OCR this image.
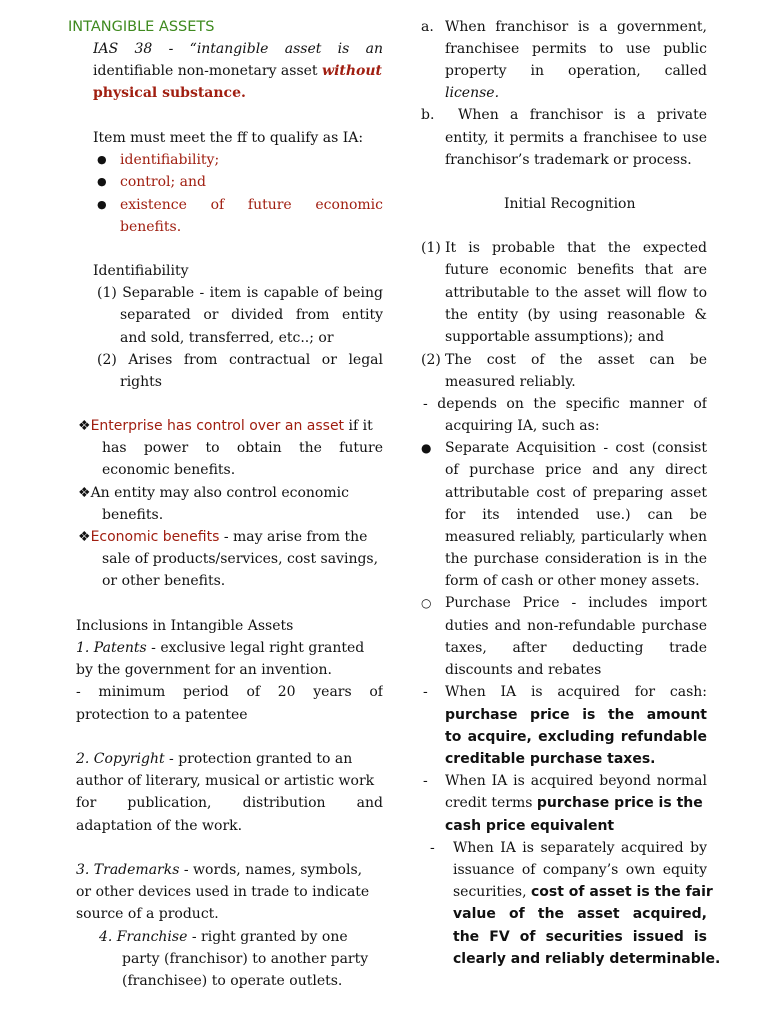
INTANGIBLE ASSETS
IAS 38 - “intangible asset is an
identifiable non-monetary asset without
physical substance.
Item must meet the ff to qualify as IA:
● identifiability;
● control; and
● existence of future economic
benefits.
Identifiability
(1) Separable - item is capable of being
separated or divided from entity
and sold, transferred, etc..; or
(2) Arises from contractual or legal
rights
❖Enterprise has control over an asset if it
has power to obtain the future
economic benefits.
❖An entity may also control economic
benefits.
❖Economic benefits - may arise from the
sale of products/services, cost savings,
or other benefits.
Inclusions in Intangible Assets
1. Patents - exclusive legal right granted
by the government for an invention.
- minimum period of 20 years of
protection to a patentee
2. Copyright - protection granted to an
author of literary, musical or artistic work
for publication, distribution and
adaptation of the work.
3. Trademarks - words, names, symbols,
or other devices used in trade to indicate
source of a product.
4. Franchise - right granted by one
party (franchisor) to another party
(franchisee) to operate outlets.
a. When franchisor is a government,
franchisee permits to use public
property in operation, called
license.
b. When a franchisor is a private
entity, it permits a franchisee to use
franchisor’s trademark or process.
Initial Recognition
(1) It is probable that the expected
future economic benefits that are
attributable to the asset will flow to
the entity (by using reasonable &
supportable assumptions); and
(2) The cost of the asset can be
measured reliably.
- depends on the specific manner of
acquiring IA, such as:
● Separate Acquisition - cost (consist
of purchase price and any direct
attributable cost of preparing asset
for its intended use.) can be
measured reliably, particularly when
the purchase consideration is in the
form of cash or other money assets.
○ Purchase Price - includes import
duties and non-refundable purchase
taxes, after deducting trade
discounts and rebates
- When IA is acquired for cash:
purchase price is the amount
to acquire, excluding refundable
creditable purchase taxes.
- When IA is acquired beyond normal
credit terms purchase price is the
cash price equivalent
- When IA is separately acquired by
issuance of company’s own equity
securities, cost of asset is the fair
value of the asset acquired,
the FV of securities issued is
clearly and reliably determinable.
